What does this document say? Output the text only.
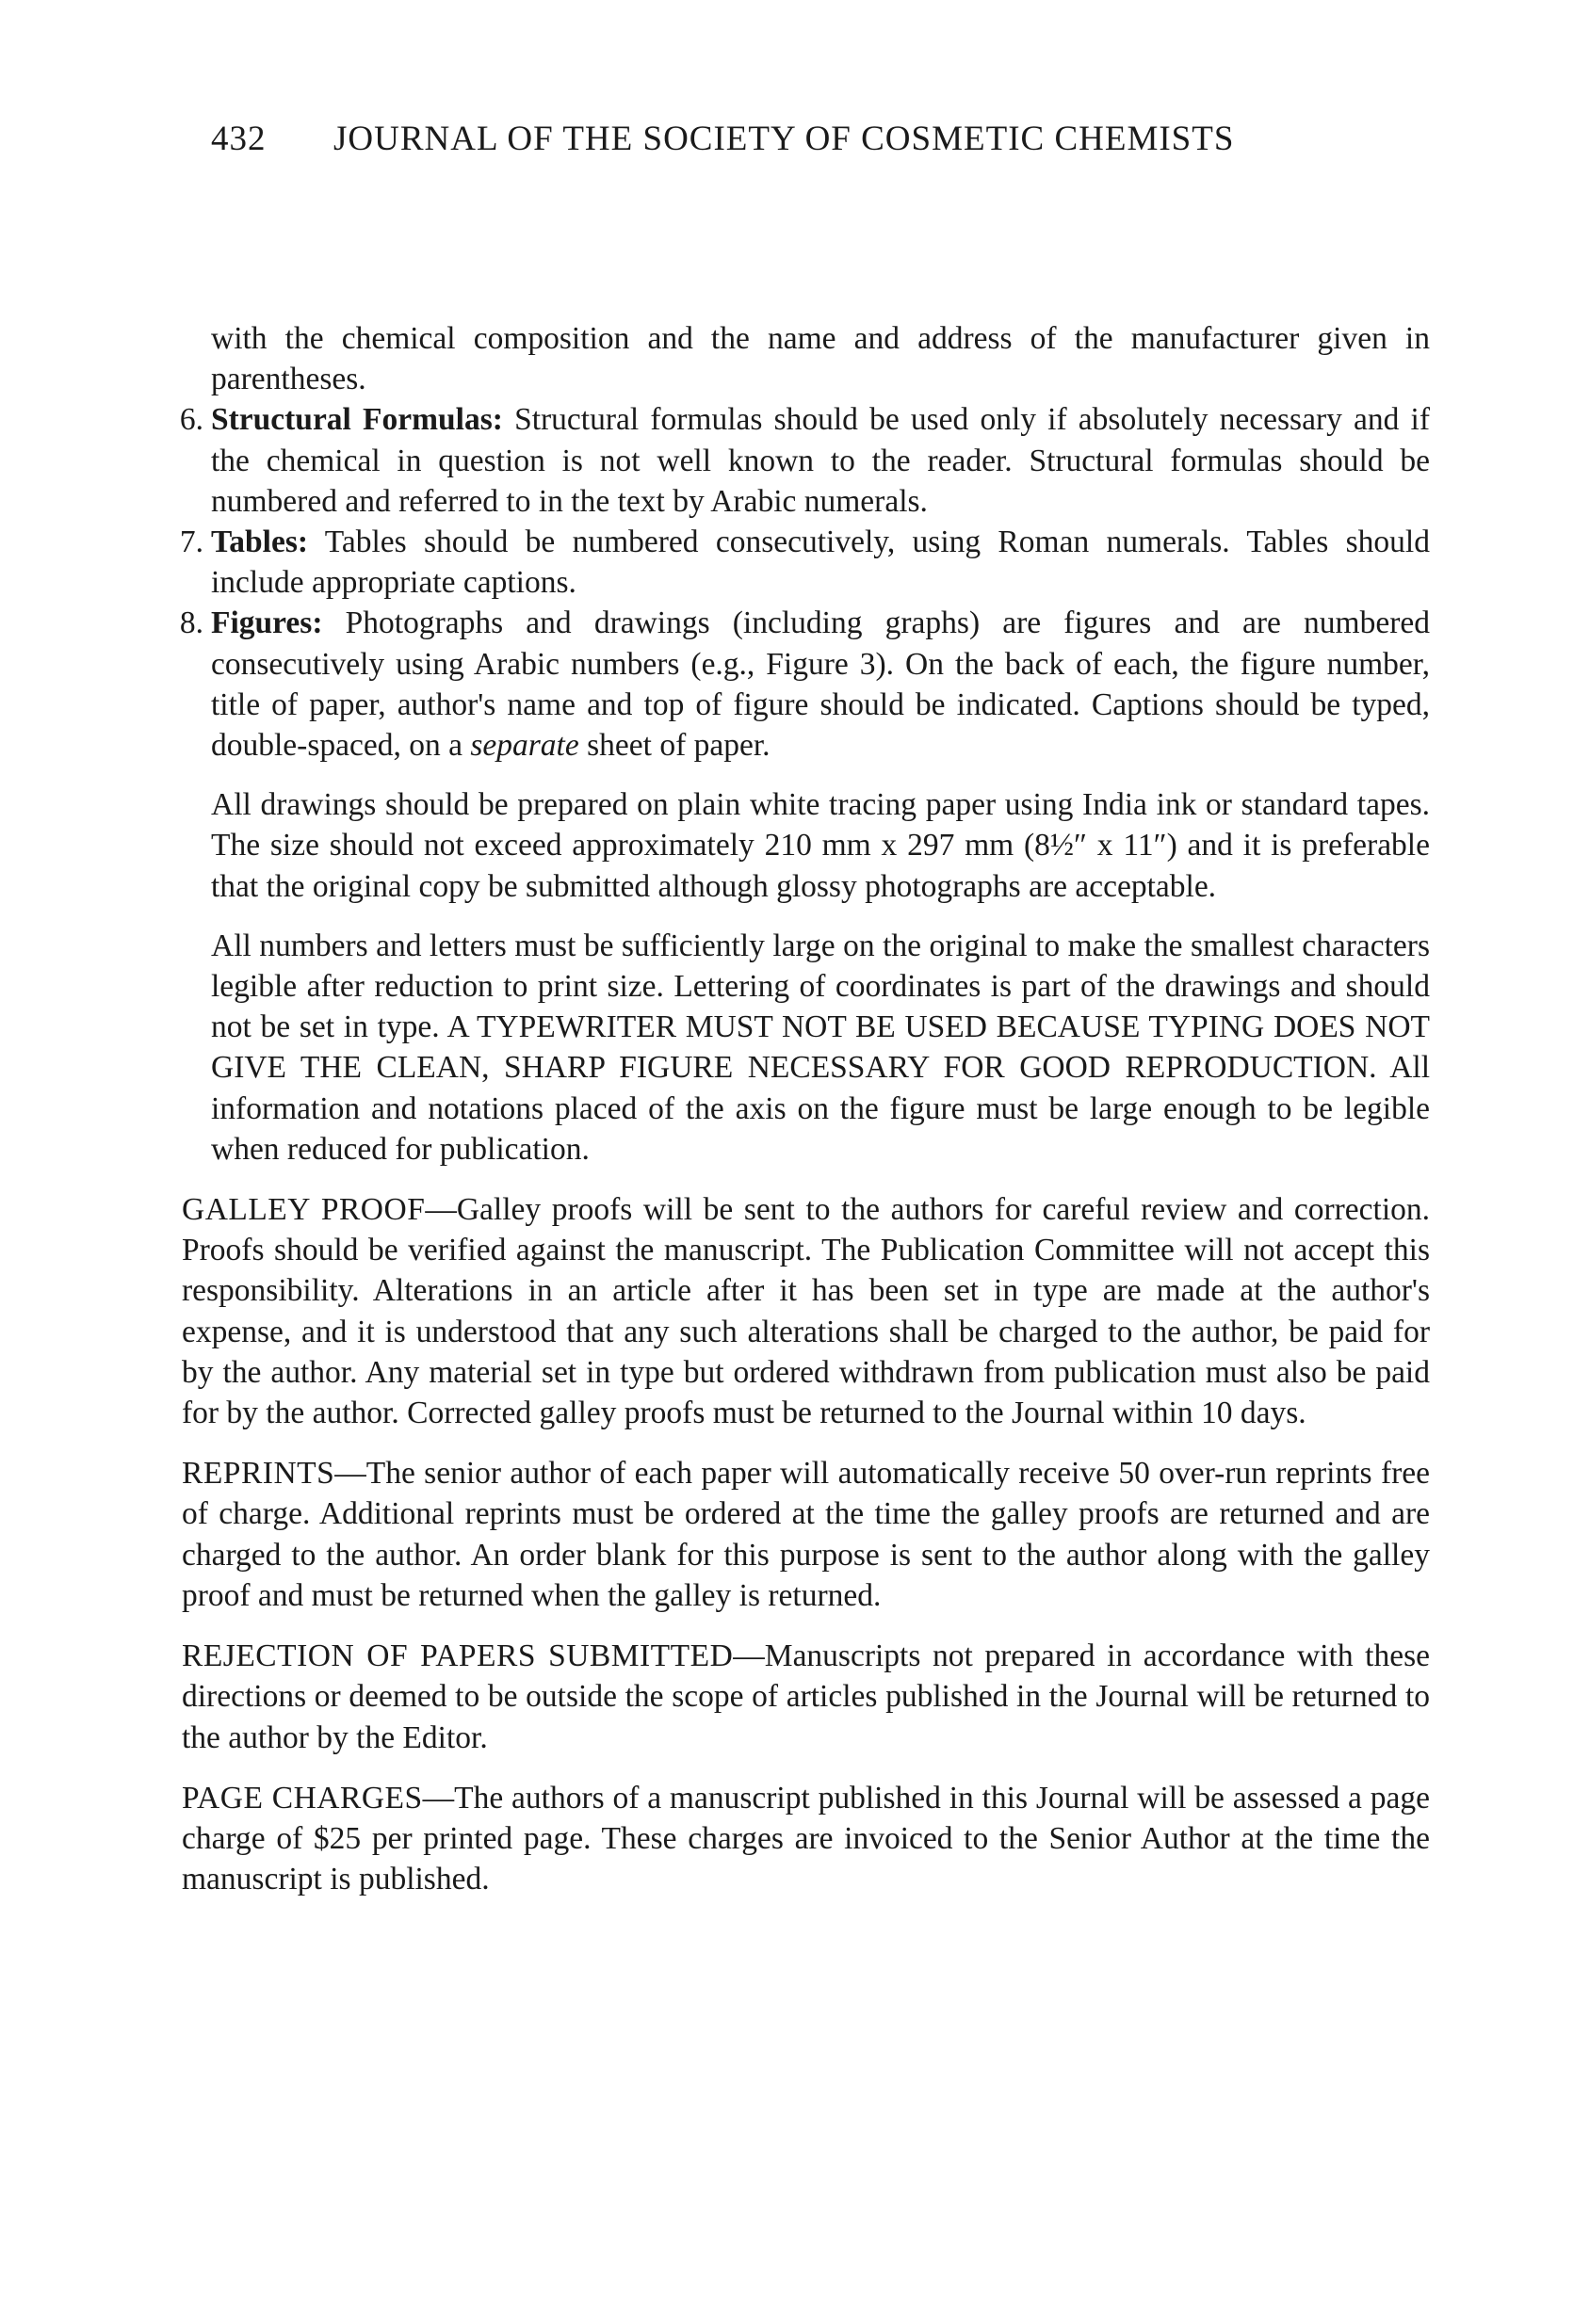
432 JOURNAL OF THE SOCIETY OF COSMETIC CHEMISTS

with the chemical composition and the name and address of the manufacturer given in parentheses.

6. Structural Formulas: Structural formulas should be used only if absolutely necessary and if the chemical in question is not well known to the reader. Structural formulas should be numbered and referred to in the text by Arabic numerals.
7. Tables: Tables should be numbered consecutively, using Roman numerals. Tables should include appropriate captions.
8. Figures: Photographs and drawings (including graphs) are figures and are numbered consecutively using Arabic numbers (e.g., Figure 3). On the back of each, the figure number, title of paper, author's name and top of figure should be indicated. Captions should be typed, double-spaced, on a separate sheet of paper.

All drawings should be prepared on plain white tracing paper using India ink or standard tapes. The size should not exceed approximately 210 mm x 297 mm (8½″ x 11″) and it is preferable that the original copy be submitted although glossy photographs are acceptable.

All numbers and letters must be sufficiently large on the original to make the smallest characters legible after reduction to print size. Lettering of coordinates is part of the drawings and should not be set in type. A TYPEWRITER MUST NOT BE USED BECAUSE TYPING DOES NOT GIVE THE CLEAN, SHARP FIGURE NECESSARY FOR GOOD REPRODUCTION. All information and notations placed of the axis on the figure must be large enough to be legible when reduced for publication.

GALLEY PROOF—Galley proofs will be sent to the authors for careful review and correction. Proofs should be verified against the manuscript. The Publication Committee will not accept this responsibility. Alterations in an article after it has been set in type are made at the author's expense, and it is understood that any such alterations shall be charged to the author, be paid for by the author. Any material set in type but ordered withdrawn from publication must also be paid for by the author. Corrected galley proofs must be returned to the Journal within 10 days.

REPRINTS—The senior author of each paper will automatically receive 50 over-run reprints free of charge. Additional reprints must be ordered at the time the galley proofs are returned and are charged to the author. An order blank for this purpose is sent to the author along with the galley proof and must be returned when the galley is returned.

REJECTION OF PAPERS SUBMITTED—Manuscripts not prepared in accordance with these directions or deemed to be outside the scope of articles published in the Journal will be returned to the author by the Editor.

PAGE CHARGES—The authors of a manuscript published in this Journal will be assessed a page charge of $25 per printed page. These charges are invoiced to the Senior Author at the time the manuscript is published.
